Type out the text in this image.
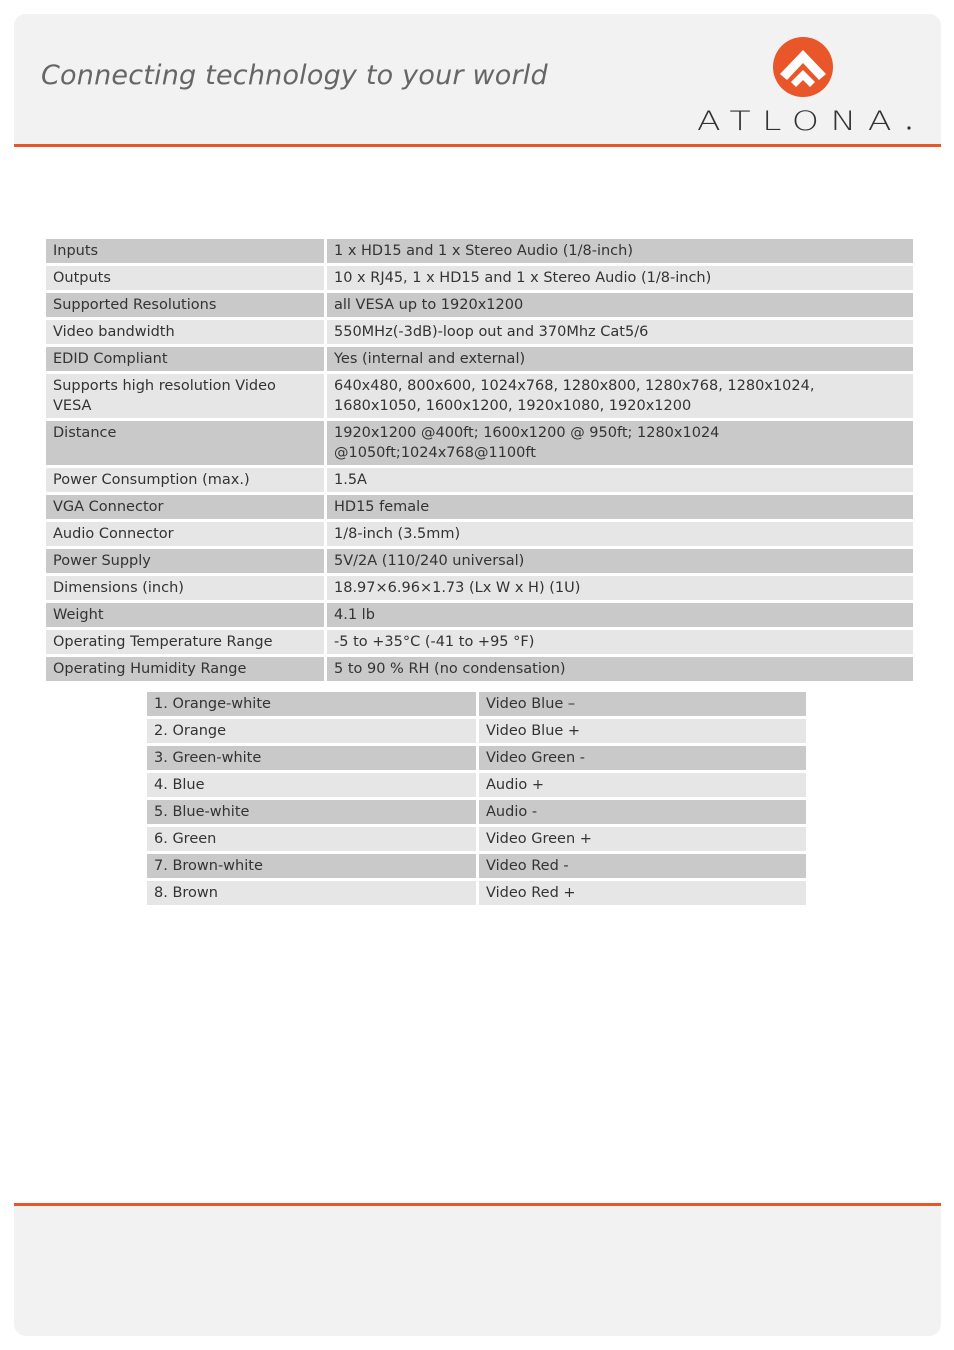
Connecting technology to your world
ATLONA
Inputs	1 x HD15 and 1 x Stereo Audio (1/8-inch)
Outputs	10 x RJ45, 1 x HD15 and 1 x Stereo Audio (1/8-inch)
Supported Resolutions	all VESA up to 1920x1200
Video bandwidth	550MHz(-3dB)-loop out and 370Mhz Cat5/6
EDID Compliant	Yes (internal and external)
Supports high resolution Video VESA	640x480, 800x600, 1024x768, 1280x800, 1280x768, 1280x1024, 1680x1050, 1600x1200, 1920x1080, 1920x1200
Distance	1920x1200 @400ft; 1600x1200 @ 950ft; 1280x1024 @1050ft;1024x768@1100ft
Power Consumption (max.)	1.5A
VGA Connector	HD15 female
Audio Connector	1/8-inch (3.5mm)
Power Supply	5V/2A (110/240 universal)
Dimensions (inch)	18.97×6.96×1.73 (Lx W x H) (1U)
Weight	4.1 lb
Operating Temperature Range	-5 to +35°C (-41 to +95 °F)
Operating Humidity Range	5 to 90 % RH (no condensation)
1. Orange-white	Video Blue –
2. Orange	Video Blue +
3. Green-white	Video Green -
4. Blue	Audio +
5. Blue-white	Audio -
6. Green	Video Green +
7. Brown-white	Video Red -
8. Brown	Video Red +
